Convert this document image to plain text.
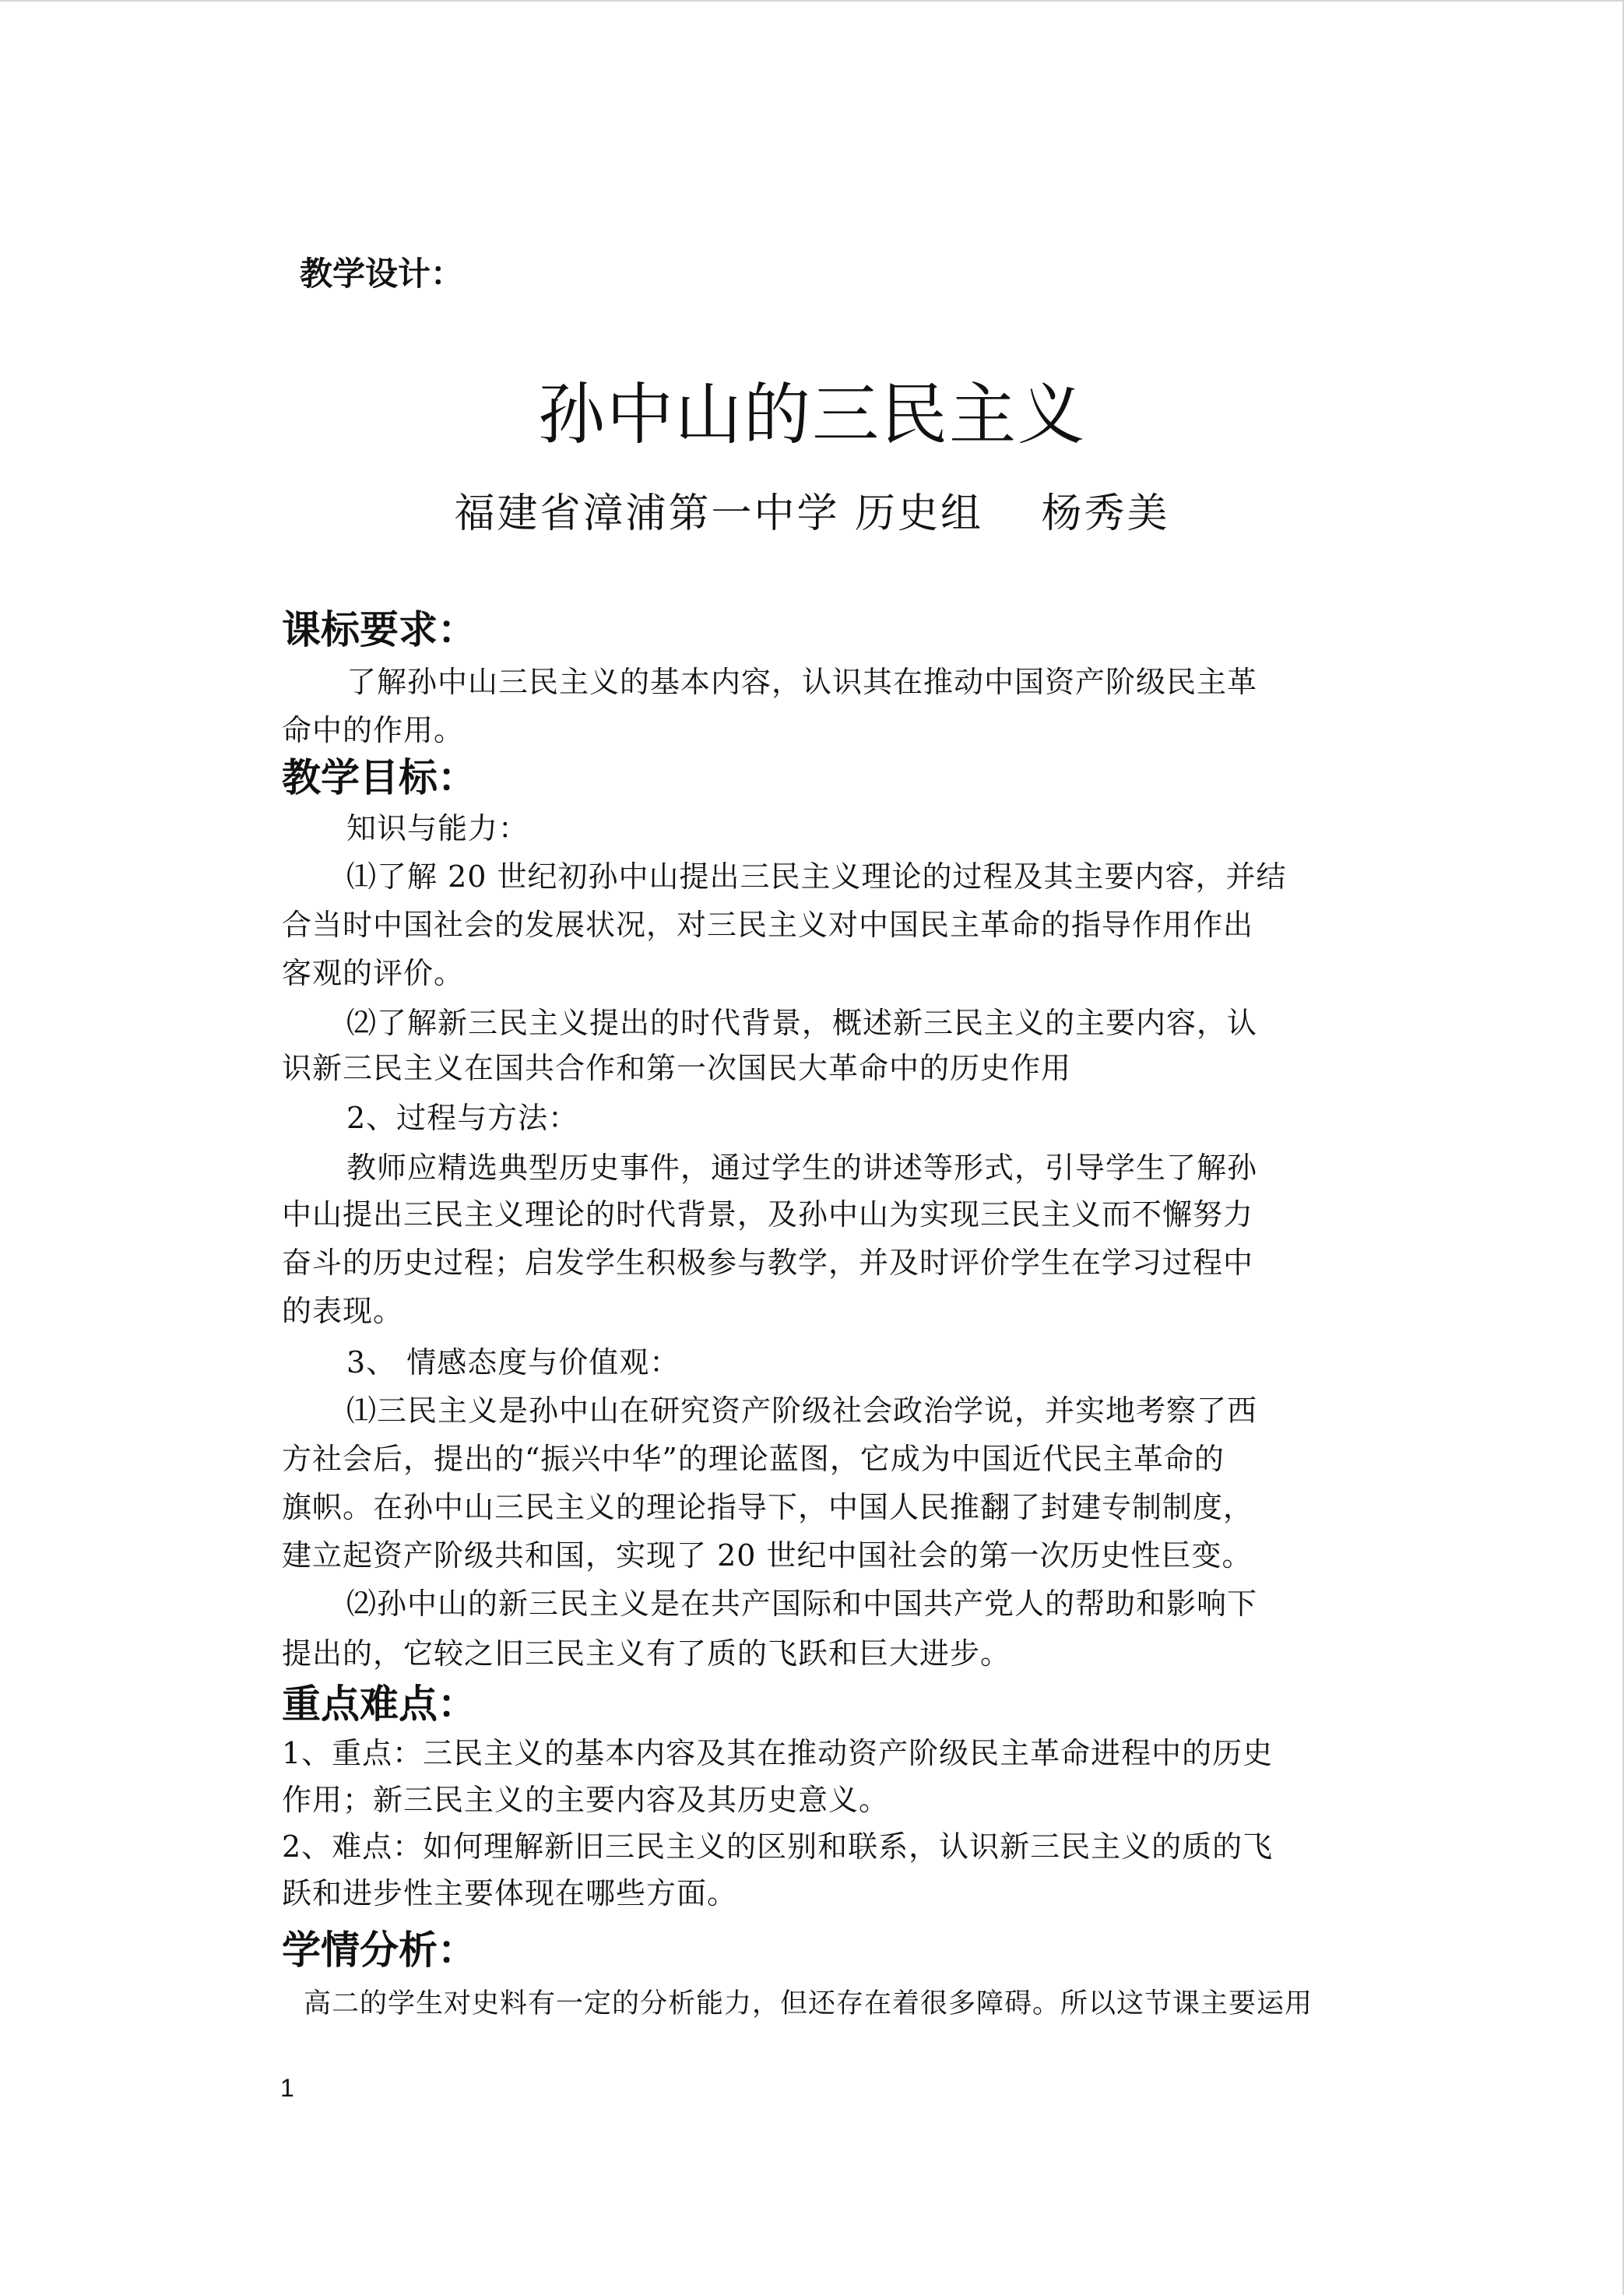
教学设计：
孙中山的三民主义
福建省漳浦第一中学 历史组　 杨秀美
课标要求：
了解孙中山三民主义的基本内容，认识其在推动中国资产阶级民主革
命中的作用。
教学目标：
知识与能力：
⑴了解 20 世纪初孙中山提出三民主义理论的过程及其主要内容，并结
合当时中国社会的发展状况，对三民主义对中国民主革命的指导作用作出
客观的评价。
⑵了解新三民主义提出的时代背景，概述新三民主义的主要内容，认
识新三民主义在国共合作和第一次国民大革命中的历史作用
2、过程与方法：
教师应精选典型历史事件，通过学生的讲述等形式，引导学生了解孙
中山提出三民主义理论的时代背景，及孙中山为实现三民主义而不懈努力
奋斗的历史过程；启发学生积极参与教学，并及时评价学生在学习过程中
的表现。
3、 情感态度与价值观：
⑴三民主义是孙中山在研究资产阶级社会政治学说，并实地考察了西
方社会后，提出的“振兴中华”的理论蓝图，它成为中国近代民主革命的
旗帜。在孙中山三民主义的理论指导下，中国人民推翻了封建专制制度，
建立起资产阶级共和国，实现了 20 世纪中国社会的第一次历史性巨变。
⑵孙中山的新三民主义是在共产国际和中国共产党人的帮助和影响下
提出的，它较之旧三民主义有了质的飞跃和巨大进步。
重点难点：
1、重点：三民主义的基本内容及其在推动资产阶级民主革命进程中的历史
作用；新三民主义的主要内容及其历史意义。
2、难点：如何理解新旧三民主义的区别和联系，认识新三民主义的质的飞
跃和进步性主要体现在哪些方面。
学情分析：
高二的学生对史料有一定的分析能力，但还存在着很多障碍。所以这节课主要运用
1
